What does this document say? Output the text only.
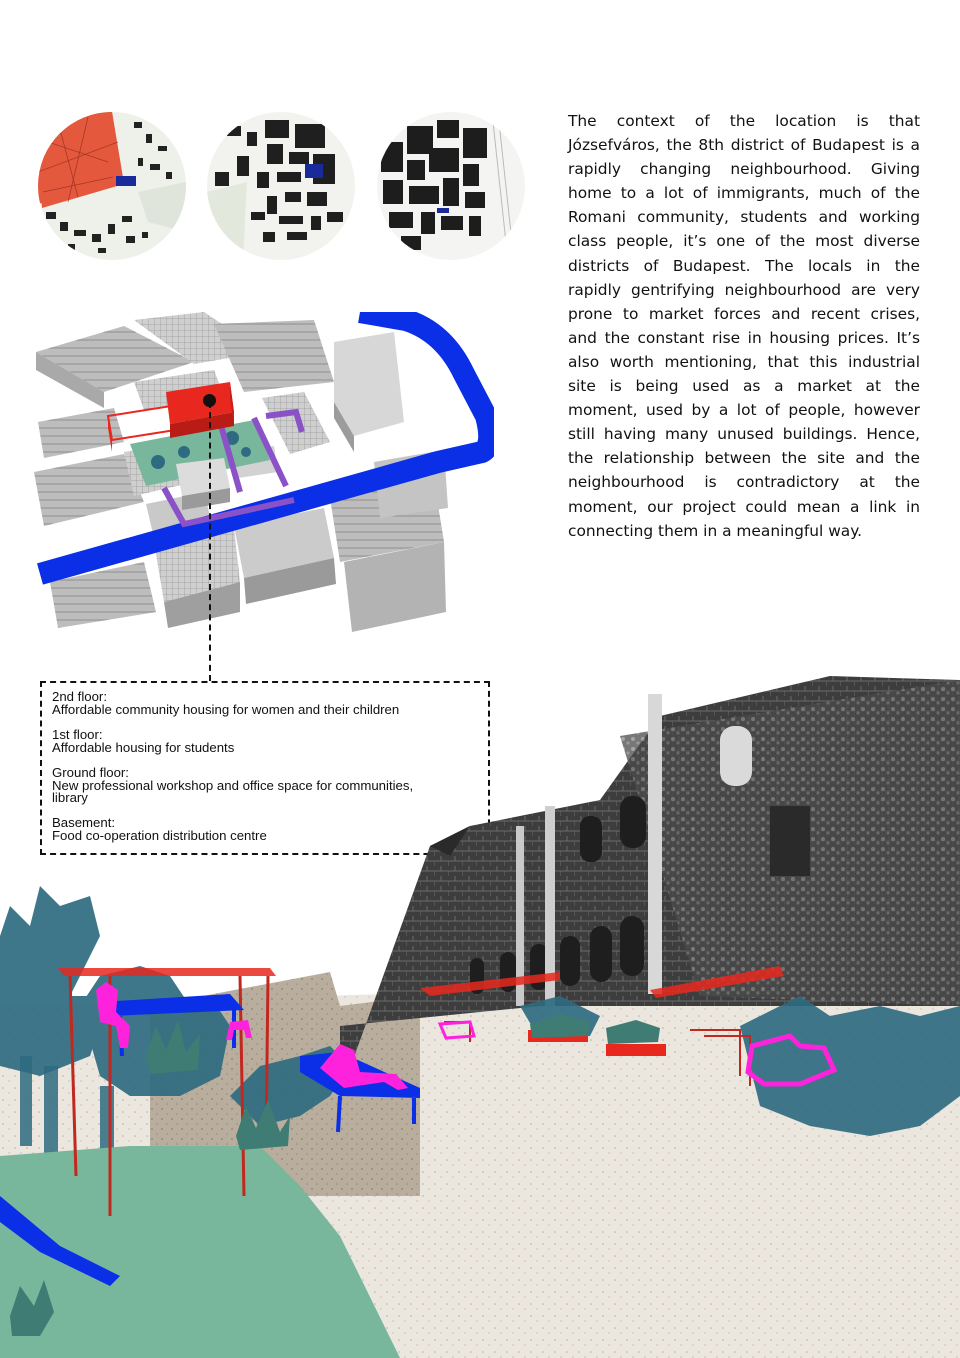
The context of the location is that Józsefváros, the 8th district of Budapest is a rapidly changing neighbourhood. Giving home to a lot of immigrants, much of the Romani community, students and working class people, it’s one of the most diverse districts of Budapest. The locals in the rapidly gentrifying neighbourhood are very prone to market forces and recent crises, and the constant rise in housing prices. It’s also worth mentioning, that this industrial site is being used as a market at the moment, used by a lot of people, however still having many unused buildings. Hence, the relationship between the site and the neighbourhood is contradictory at the moment, our project could mean a link in connecting them in a meaningful way.

2nd floor:
Affordable community housing for women and their children
1st floor:
Affordable housing for students
Ground floor:
New professional workshop and office space for communities, library
Basement:
Food co-operation distribution centre
